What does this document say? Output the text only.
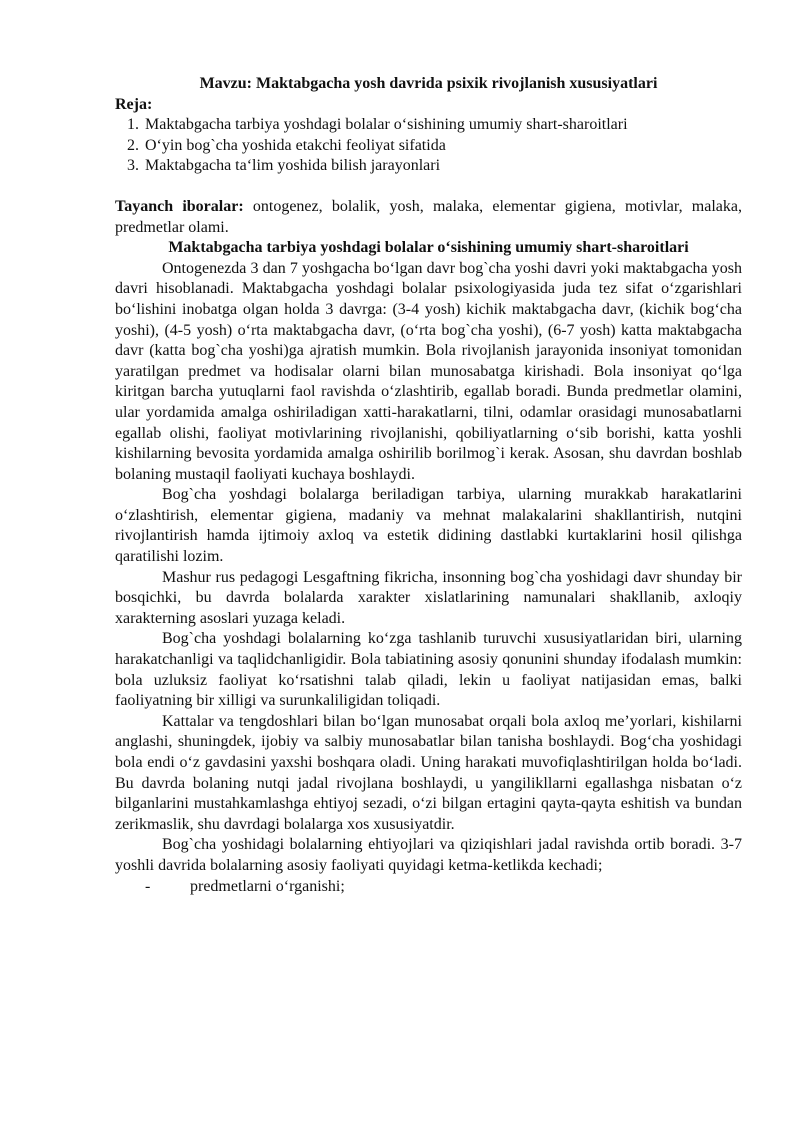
Mavzu: Maktabgacha yosh davrida psixik rivojlanish xususiyatlari

Reja:

1. Maktabgacha tarbiya yoshdagi bolalar o‘sishining umumiy shart-sharoitlari
2. O‘yin bog`cha yoshida etakchi feoliyat sifatida
3. Maktabgacha ta‘lim yoshida bilish jarayonlari

Tayanch iboralar: ontogenez, bolalik, yosh, malaka, elementar gigiena, motivlar, malaka, predmetlar olami.

Maktabgacha tarbiya yoshdagi bolalar o‘sishining umumiy shart-sharoitlari

Ontogenezda 3 dan 7 yoshgacha bo‘lgan davr bog`cha yoshi davri yoki maktabgacha yosh davri hisoblanadi. Maktabgacha yoshdagi bolalar psixologiyasida juda tez sifat o‘zgarishlari bo‘lishini inobatga olgan holda 3 davrga: (3-4 yosh) kichik maktabgacha davr, (kichik bog‘cha yoshi), (4-5 yosh) o‘rta maktabgacha davr, (o‘rta bog`cha yoshi), (6-7 yosh) katta maktabgacha davr (katta bog`cha yoshi)ga ajratish mumkin. Bola rivojlanish jarayonida insoniyat tomonidan yaratilgan predmet va hodisalar olarni bilan munosabatga kirishadi. Bola insoniyat qo‘lga kiritgan barcha yutuqlarni faol ravishda o‘zlashtirib, egallab boradi. Bunda predmetlar olamini, ular yordamida amalga oshiriladigan xatti-harakatlarni, tilni, odamlar orasidagi munosabatlarni egallab olishi, faoliyat motivlarining rivojlanishi, qobiliyatlarning o‘sib borishi, katta yoshli kishilarning bevosita yordamida amalga oshirilib borilmog`i kerak. Asosan, shu davrdan boshlab bolaning mustaqil faoliyati kuchaya boshlaydi.

Bog`cha yoshdagi bolalarga beriladigan tarbiya, ularning murakkab harakatlarini o‘zlashtirish, elementar gigiena, madaniy va mehnat malakalarini shakllantirish, nutqini rivojlantirish hamda ijtimoiy axloq va estetik didining dastlabki kurtaklarini hosil qilishga qaratilishi lozim.

Mashur rus pedagogi Lesgaftning fikricha, insonning bog`cha yoshidagi davr shunday bir bosqichki, bu davrda bolalarda xarakter xislatlarining namunalari shakllanib, axloqiy xarakterning asoslari yuzaga keladi.

Bog`cha yoshdagi bolalarning ko‘zga tashlanib turuvchi xususiyatlaridan biri, ularning harakatchanligi va taqlidchanligidir. Bola tabiatining asosiy qonunini shunday ifodalash mumkin: bola uzluksiz faoliyat ko‘rsatishni talab qiladi, lekin u faoliyat natijasidan emas, balki faoliyatning bir xilligi va surunkaliligidan toliqadi.

Kattalar va tengdoshlari bilan bo‘lgan munosabat orqali bola axloq me’yorlari, kishilarni anglashi, shuningdek, ijobiy va salbiy munosabatlar bilan tanisha boshlaydi. Bog‘cha yoshidagi bola endi o‘z gavdasini yaxshi boshqara oladi. Uning harakati muvofiqlashtirilgan holda bo‘ladi. Bu davrda bolaning nutqi jadal rivojlana boshlaydi, u yangilikllarni egallashga nisbatan o‘z bilganlarini mustahkamlashga ehtiyoj sezadi, o‘zi bilgan ertagini qayta-qayta eshitish va bundan zerikmaslik, shu davrdagi bolalarga xos xususiyatdir.

Bog`cha yoshidagi bolalarning ehtiyojlari va qiziqishlari jadal ravishda ortib boradi. 3-7 yoshli davrida bolalarning asosiy faoliyati quyidagi ketma-ketlikda kechadi;

-	predmetlarni o‘rganishi;
